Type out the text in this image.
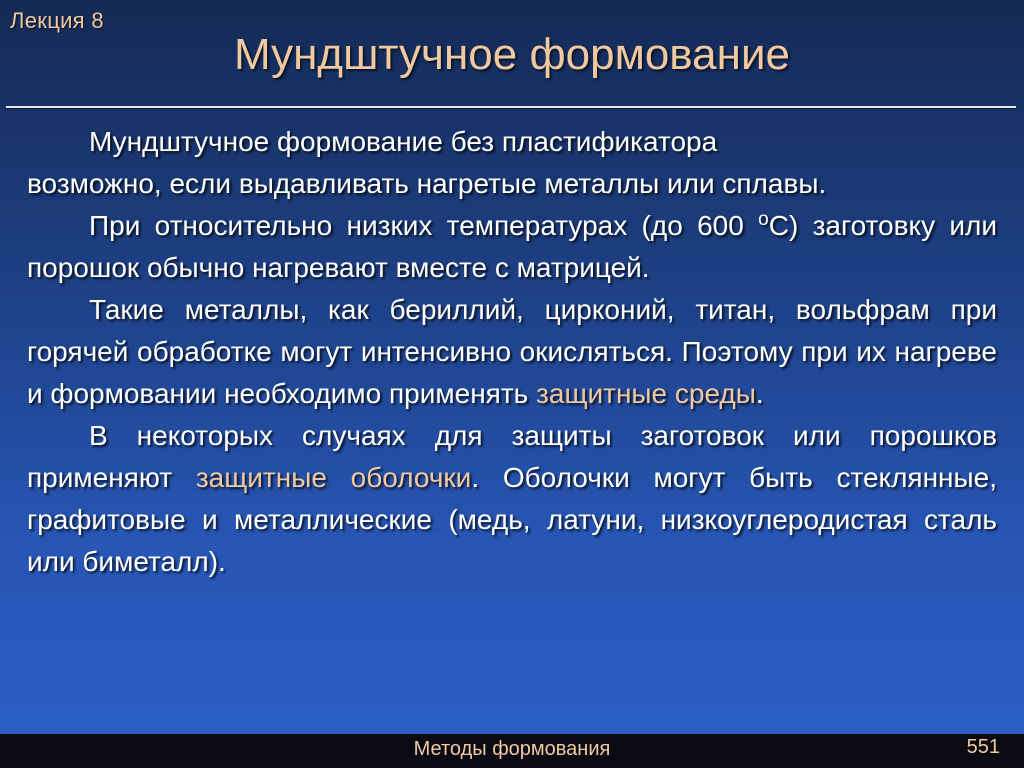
Лекция 8
Мундштучное формование

Мундштучное формование без пластификатора возможно, если выдавливать нагретые металлы или сплавы.

При относительно низких температурах (до 600 $^о$С) заготовку или порошок обычно нагревают вместе с матрицей.

Такие металлы, как бериллий, цирконий, титан, вольфрам при горячей обработке могут интенсивно окисляться. Поэтому при их нагреве и формовании необходимо применять защитные среды.

В некоторых случаях для защиты заготовок или порошков применяют защитные оболочки. Оболочки могут быть стеклянные, графитовые и металлические (медь, латуни, низкоуглеродистая сталь или биметалл).

Методы формования	551
